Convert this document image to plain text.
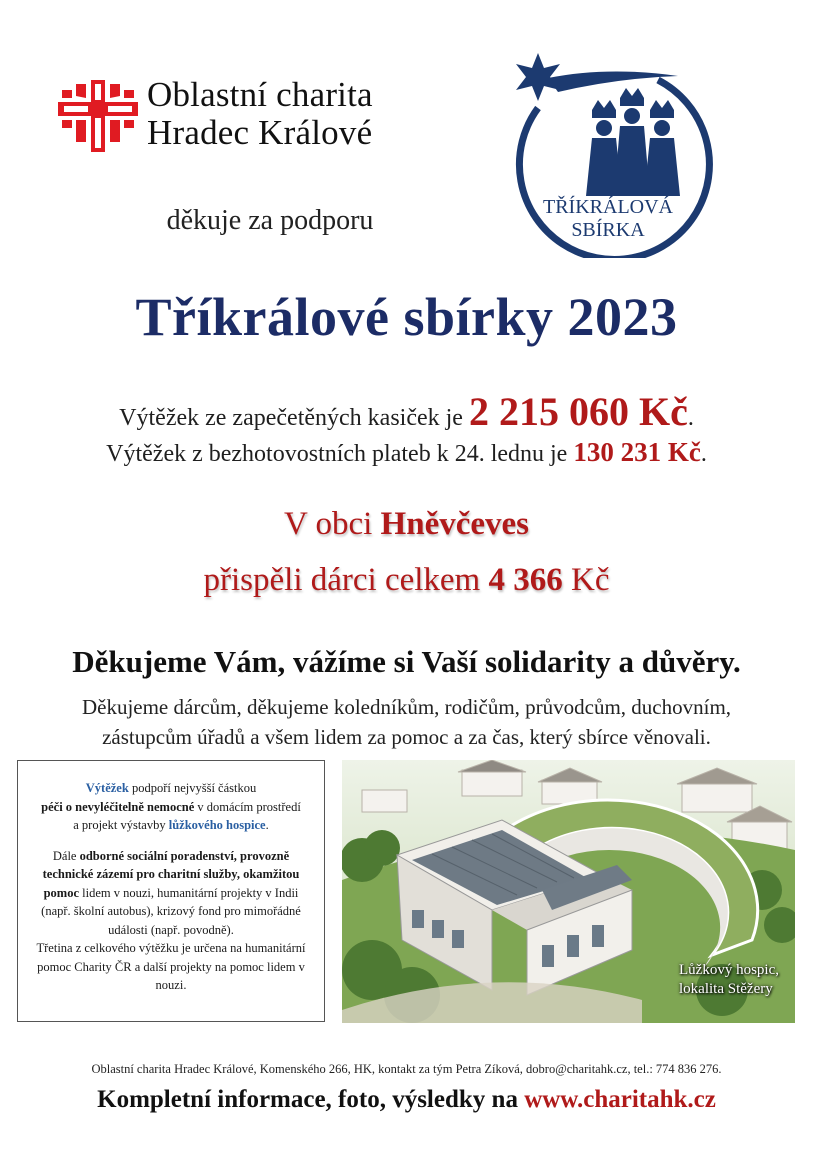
Oblastní charita
Hradec Králové
děkuje za podporu	TŘÍKRÁLOVÁ
SBÍRKA
Tříkrálové sbírky 2023
Výtěžek ze zapečetěných kasiček je 2 215 060 Kč.
Výtěžek z bezhotovostních plateb k 24. lednu je 130 231 Kč.
V obci Hněvčeves
přispěli dárci celkem 4 366 Kč
Děkujeme Vám, vážíme si Vaší solidarity a důvěry.
Děkujeme dárcům, děkujeme koledníkům, rodičům, průvodcům, duchovním,
zástupcům úřadů a všem lidem za pomoc a za čas, který sbírce věnovali.

Výtěžek podpoří nejvyšší částkou
péči o nevyléčitelně nemocné v domácím prostředí
a projekt výstavby lůžkového hospice.

Dále odborné sociální poradenství, provozně technické zázemí pro charitní služby, okamžitou pomoc lidem v nouzi, humanitární projekty v Indii (např. školní autobus), krizový fond pro mimořádné události (např. povodně).

Třetina z celkového výtěžku je určena na humanitární pomoc Charity ČR a další projekty na pomoc lidem v nouzi.

Lůžkový hospic,
lokalita Stěžery
Oblastní charita Hradec Králové, Komenského 266, HK, kontakt za tým Petra Zíková, dobro@charitahk.cz, tel.: 774 836 276.
Kompletní informace, foto, výsledky na www.charitahk.cz
